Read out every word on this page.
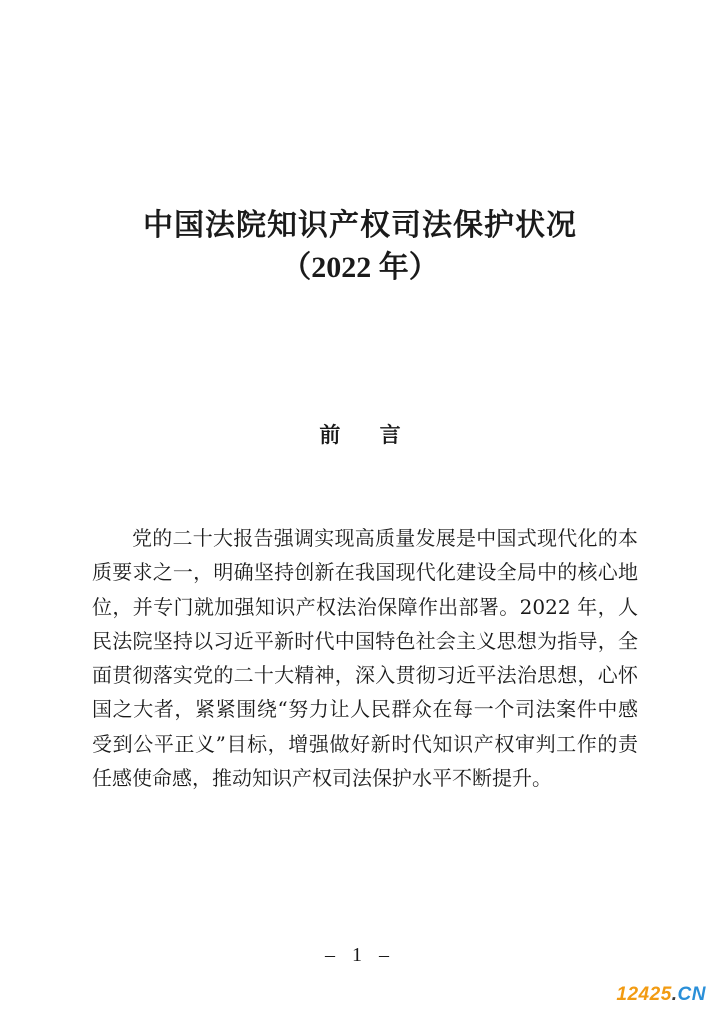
中国法院知识产权司法保护状况
（2022 年）
前 言

党的二十大报告强调实现高质量发展是中国式现代化的本质要求之一，明确坚持创新在我国现代化建设全局中的核心地位，并专门就加强知识产权法治保障作出部署。2022 年，人民法院坚持以习近平新时代中国特色社会主义思想为指导，全面贯彻落实党的二十大精神，深入贯彻习近平法治思想，心怀国之大者，紧紧围绕“努力让人民群众在每一个司法案件中感受到公平正义”目标，增强做好新时代知识产权审判工作的责任感使命感，推动知识产权司法保护水平不断提升。

– 1 –
12425.CN
